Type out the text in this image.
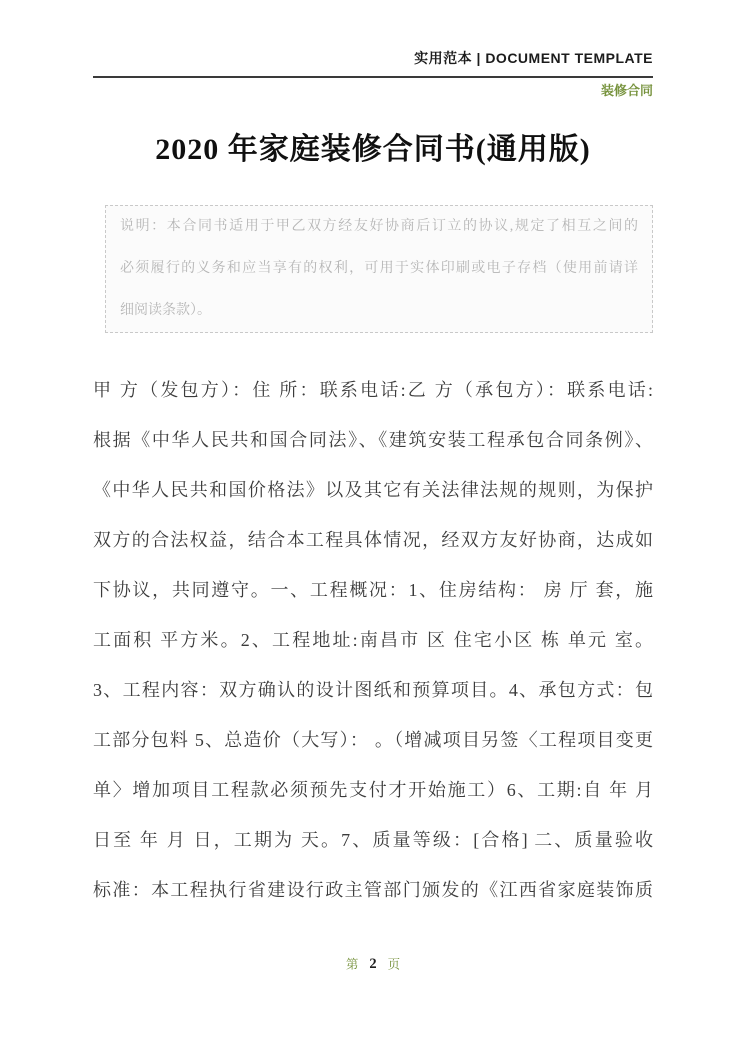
实用范本 | DOCUMENT TEMPLATE
装修合同
2020 年家庭装修合同书(通用版)
说明：本合同书适用于甲乙双方经友好协商后订立的协议,规定了相互之间的
必须履行的义务和应当享有的权利，可用于实体印刷或电子存档（使用前请详
细阅读条款）。
甲 方（发包方）：住 所：联系电话:乙 方（承包方）：联系电话:
根据《中华人民共和国合同法》、《建筑安装工程承包合同条例》、
《中华人民共和国价格法》以及其它有关法律法规的规则，为保护
双方的合法权益，结合本工程具体情况，经双方友好协商，达成如
下协议，共同遵守。一、工程概况：1、住房结构： 房 厅 套，施
工面积 平方米。2、工程地址:南昌市 区 住宅小区 栋 单元 室。
3、工程内容：双方确认的设计图纸和预算项目。4、承包方式：包
工部分包料 5、总造价（大写）： 。（增减项目另签〈工程项目变更
单〉增加项目工程款必须预先支付才开始施工）6、工期:自 年 月
日至 年 月 日，工期为 天。7、质量等级：[合格] 二、质量验收
标准：本工程执行省建设行政主管部门颁发的《江西省家庭装饰质
第 2 页
